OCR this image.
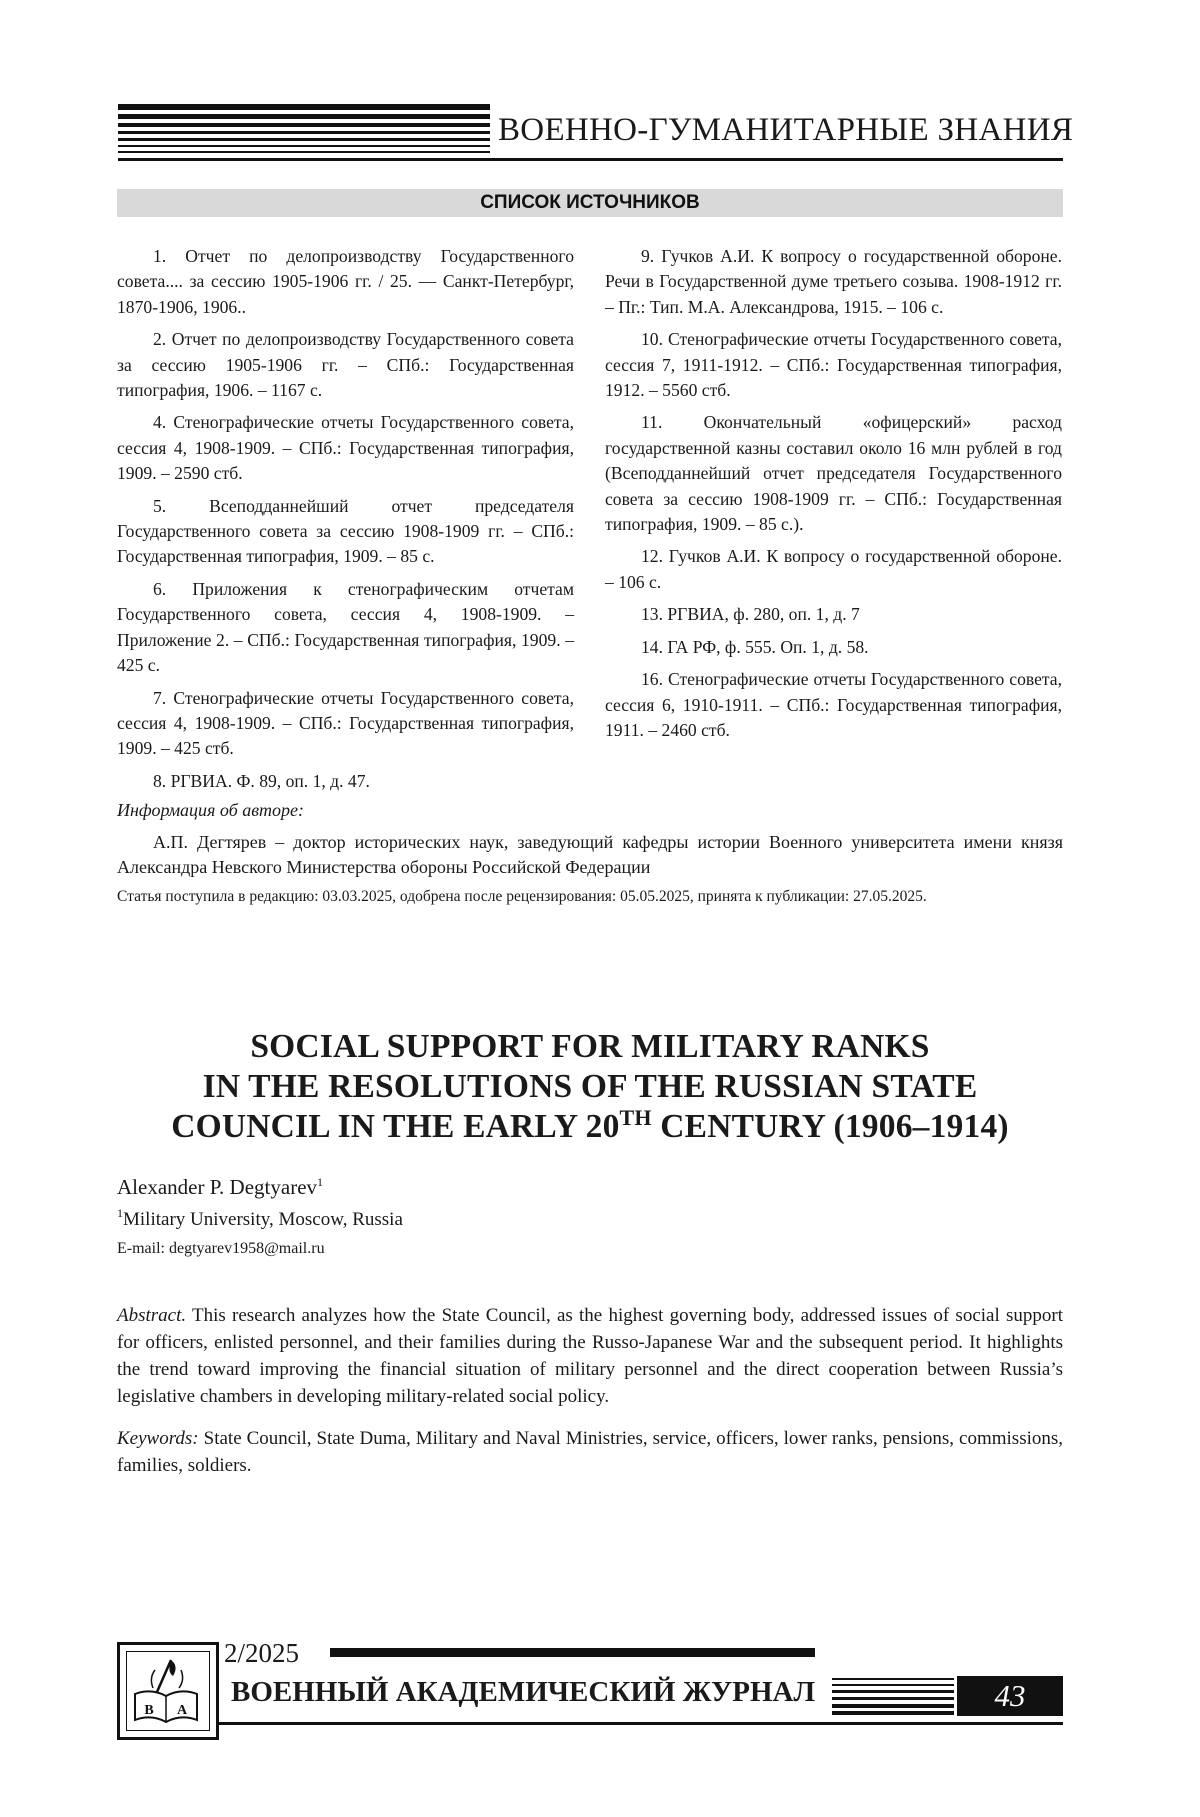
ВОЕННО-ГУМАНИТАРНЫЕ ЗНАНИЯ
СПИСОК ИСТОЧНИКОВ

1. Отчет по делопроизводству Государственного совета.... за сессию 1905-1906 гг. / 25. — Санкт-Петербург, 1870-1906, 1906..

2. Отчет по делопроизводству Государственного совета за сессию 1905-1906 гг. – СПб.: Государственная типография, 1906. – 1167 с.

4. Стенографические отчеты Государственного совета, сессия 4, 1908-1909. – СПб.: Государственная типография, 1909. – 2590 стб.

5. Всеподданнейший отчет председателя Государственного совета за сессию 1908-1909 гг. – СПб.: Государственная типография, 1909. – 85 с.

6. Приложения к стенографическим отчетам Государственного совета, сессия 4, 1908-1909. – Приложение 2. – СПб.: Государственная типография, 1909. – 425 с.

7. Стенографические отчеты Государственного совета, сессия 4, 1908-1909. – СПб.: Государственная типография, 1909. – 425 стб.

8. РГВИА. Ф. 89, оп. 1, д. 47.

9. Гучков А.И. К вопросу о государственной обороне. Речи в Государственной думе третьего созыва. 1908-1912 гг. – Пг.: Тип. М.А. Александрова, 1915. – 106 с.

10. Стенографические отчеты Государственного совета, сессия 7, 1911-1912. – СПб.: Государственная типография, 1912. – 5560 стб.

11. Окончательный «офицерский» расход государственной казны составил около 16 млн рублей в год (Всеподданнейший отчет председателя Государственного совета за сессию 1908-1909 гг. – СПб.: Государственная типография, 1909. – 85 с.).

12. Гучков А.И. К вопросу о государственной обороне. – 106 с.

13. РГВИА, ф. 280, оп. 1, д. 7

14. ГА РФ, ф. 555. Оп. 1, д. 58.

16. Стенографические отчеты Государственного совета, сессия 6, 1910-1911. – СПб.: Государственная типография, 1911. – 2460 стб.

Информация об авторе:
А.П. Дегтярев – доктор исторических наук, заведующий кафедры истории Военного университета имени князя Александра Невского Министерства обороны Российской Федерации
Статья поступила в редакцию: 03.03.2025, одобрена после рецензирования: 05.05.2025, принята к публикации: 27.05.2025.
SOCIAL SUPPORT FOR MILITARY RANKS
IN THE RESOLUTIONS OF THE RUSSIAN STATE
COUNCIL IN THE EARLY 20TH CENTURY (1906–1914)
Alexander P. Degtyarev$^1$
$^1$Military University, Moscow, Russia
E-mail: degtyarev1958@mail.ru
Abstract. This research analyzes how the State Council, as the highest governing body, addressed issues of social support for officers, enlisted personnel, and their families during the Russo-Japanese War and the subsequent period. It highlights the trend toward improving the financial situation of military personnel and the direct cooperation between Russia’s legislative chambers in developing military-related social policy.
Keywords: State Council, State Duma, Military and Naval Ministries, service, officers, lower ranks, pensions, commissions, families, soldiers.
В А
2/2025
ВОЕННЫЙ АКАДЕМИЧЕСКИЙ ЖУРНАЛ	43
